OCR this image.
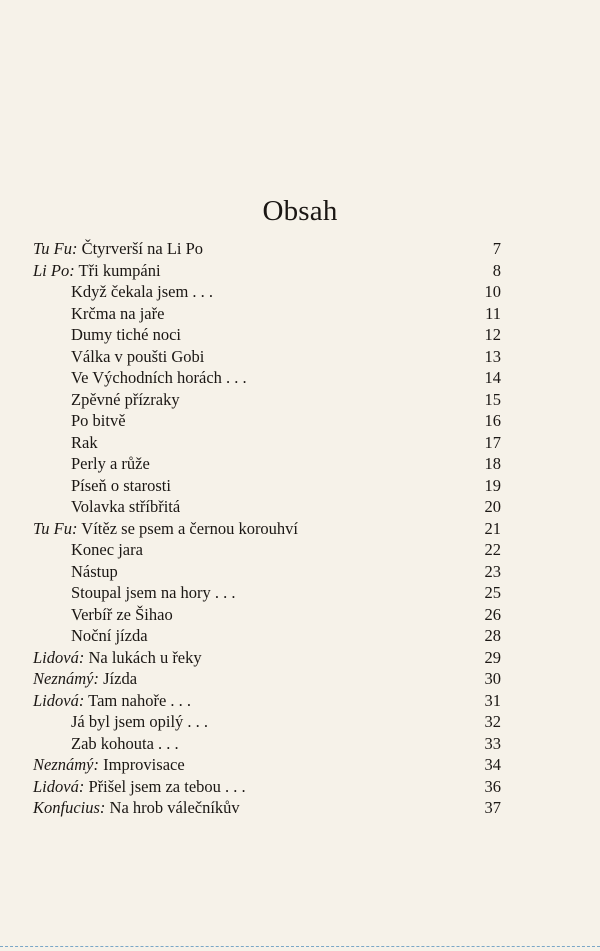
Obsah
Tu Fu: Čtyrverší na Li Po	7
Li Po: Tři kumpáni	8
Když čekala jsem . . .	10
Krčma na jaře	11
Dumy tiché noci	12
Válka v poušti Gobi	13
Ve Východních horách . . .	14
Zpěvné přízraky	15
Po bitvě	16
Rak	17
Perly a růže	18
Píseň o starosti	19
Volavka stříbřitá	20
Tu Fu: Vítěz se psem a černou korouhví	21
Konec jara	22
Nástup	23
Stoupal jsem na hory . . .	25
Verbíř ze Šihao	26
Noční jízda	28
Lidová: Na lukách u řeky	29
Neznámý: Jízda	30
Lidová: Tam nahoře . . .	31
Já byl jsem opilý . . .	32
Zab kohouta . . .	33
Neznámý: Improvisace	34
Lidová: Přišel jsem za tebou . . .	36
Konfucius: Na hrob válečníkův	37
